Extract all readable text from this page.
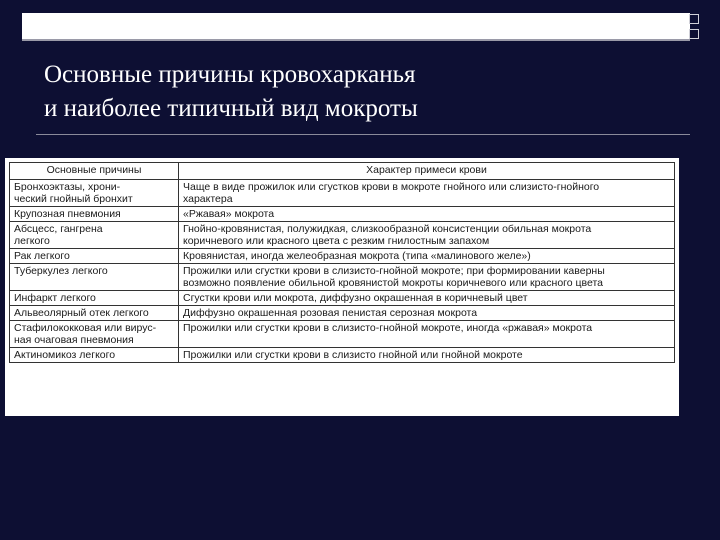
Основные причины кровохарканья
и наиболее типичный вид мокроты
Основные причины	Характер примеси крови

Бронхоэктазы, хрони-
ческий гнойный бронхит	Чаще в виде прожилок или сгустков крови в мокроте гнойного или слизисто-гнойного
характера

Крупозная пневмония	«Ржавая» мокрота

Абсцесс, гангрена
легкого	Гнойно-кровянистая, полужидкая, слизкообразной консистенции обильная мокрота
коричневого или красного цвета с резким гнилостным запахом

Рак легкого	Кровянистая, иногда желеобразная мокрота (типа «малинового желе»)

Туберкулез легкого	Прожилки или сгустки крови в слизисто-гнойной мокроте; при формировании каверны
возможно появление обильной кровянистой мокроты коричневого или красного цвета

Инфаркт легкого	Сгустки крови или мокрота, диффузно окрашенная в коричневый цвет

Альвеолярный отек легкого	Диффузно окрашенная розовая пенистая серозная мокрота

Стафилококковая или вирус-
ная очаговая пневмония	Прожилки или сгустки крови в слизисто-гнойной мокроте, иногда «ржавая» мокрота

Актиномикоз легкого	Прожилки или сгустки крови в слизисто гнойной или гнойной мокроте
